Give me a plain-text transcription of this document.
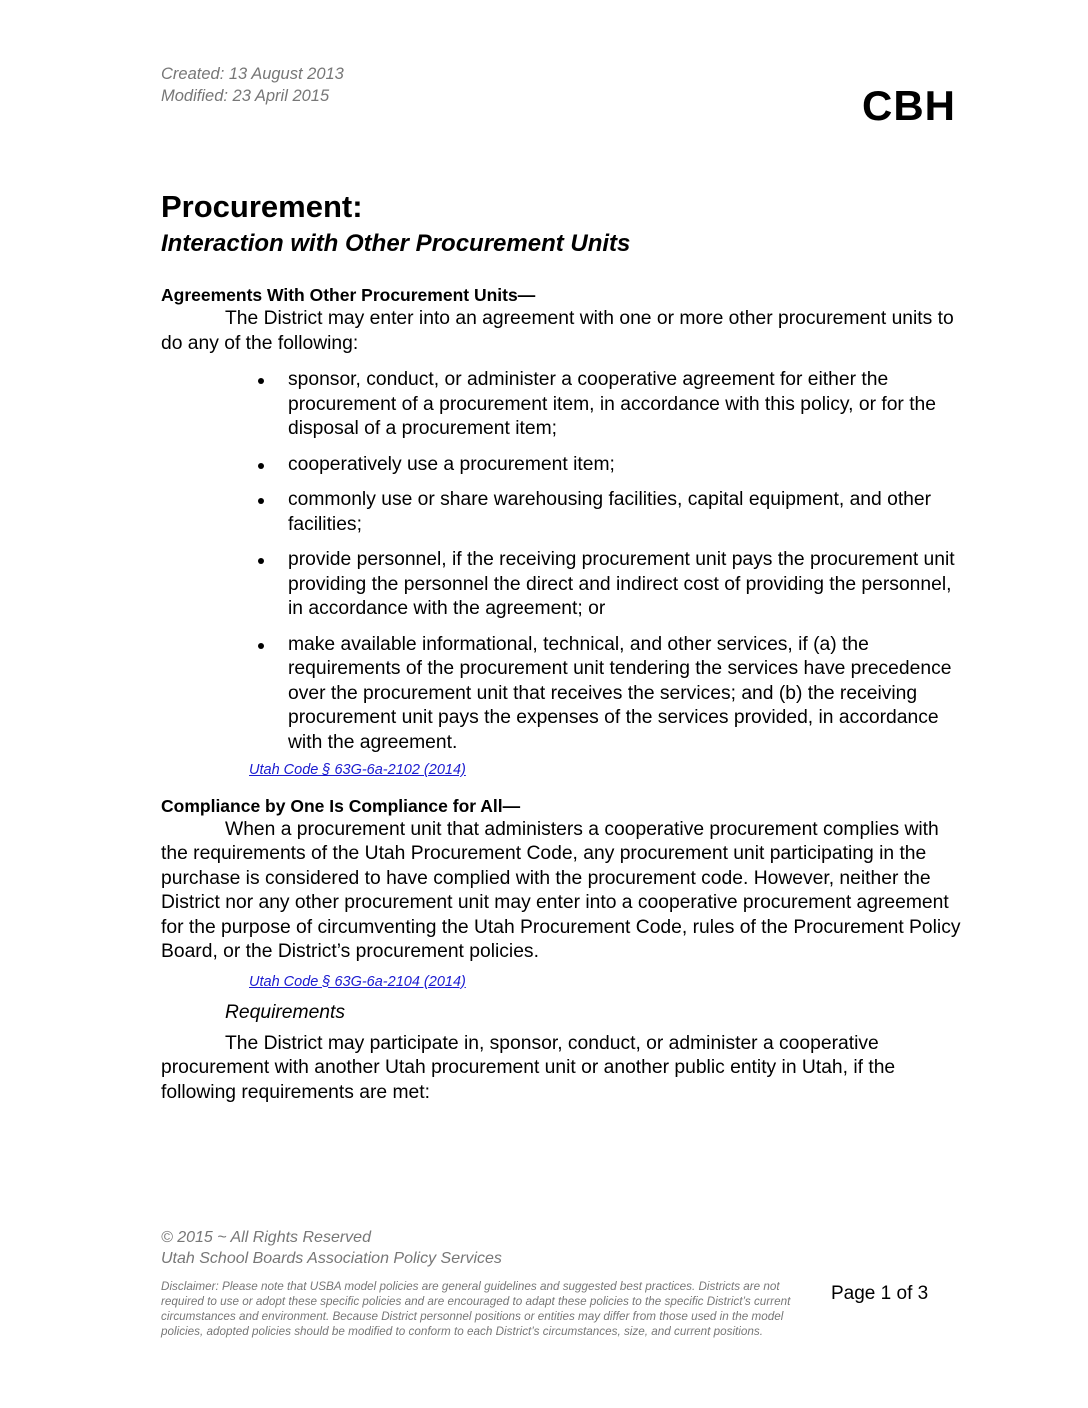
Created: 13 August 2013
Modified: 23 April 2015	CBH
Procurement:
Interaction with Other Procurement Units

Agreements With Other Procurement Units—

The District may enter into an agreement with one or more other procurement units to do any of the following:

sponsor, conduct, or administer a cooperative agreement for either the procurement of a procurement item, in accordance with this policy, or for the disposal of a procurement item;
cooperatively use a procurement item;
commonly use or share warehousing facilities, capital equipment, and other facilities;
provide personnel, if the receiving procurement unit pays the procurement unit providing the personnel the direct and indirect cost of providing the personnel, in accordance with the agreement; or
make available informational, technical, and other services, if (a) the requirements of the procurement unit tendering the services have precedence over the procurement unit that receives the services; and (b) the receiving procurement unit pays the expenses of the services provided, in accordance with the agreement.
Utah Code § 63G-6a-2102 (2014)

Compliance by One Is Compliance for All—

When a procurement unit that administers a cooperative procurement complies with the requirements of the Utah Procurement Code, any procurement unit participating in the purchase is considered to have complied with the procurement code. However, neither the District nor any other procurement unit may enter into a cooperative procurement agreement for the purpose of circumventing the Utah Procurement Code, rules of the Procurement Policy Board, or the District’s procurement policies.

Utah Code § 63G-6a-2104 (2014)

Requirements

The District may participate in, sponsor, conduct, or administer a cooperative procurement with another Utah procurement unit or another public entity in Utah, if the following requirements are met:

© 2015 ~ All Rights Reserved
Utah School Boards Association Policy Services
Disclaimer: Please note that USBA model policies are general guidelines and suggested best practices. Districts are not required to use or adopt these specific policies and are encouraged to adapt these policies to the specific District’s current circumstances and environment. Because District personnel positions or entities may differ from those used in the model policies, adopted policies should be modified to conform to each District’s circumstances, size, and current positions.
Page 1 of 3
